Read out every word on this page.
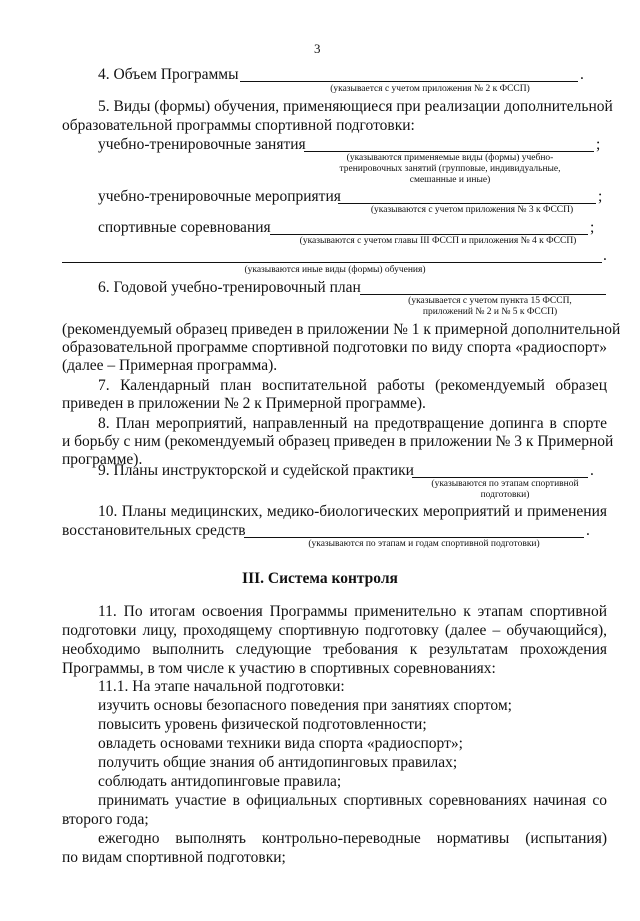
3
4. Объем Программы	.
(указывается с учетом приложения № 2 к ФССП)
5. Виды (формы) обучения, применяющиеся при реализации дополнительной
образовательной программы спортивной подготовки:
учебно-тренировочные занятия	;
(указываются применяемые виды (формы) учебно-
тренировочных занятий (групповые, индивидуальные,
смешанные и иные)
учебно-тренировочные мероприятия	;
(указываются с учетом приложения № 3 к ФССП)
спортивные соревнования	;
(указываются с учетом главы III ФССП и приложения № 4 к ФССП)
.
(указываются иные виды (формы) обучения)
6. Годовой учебно-тренировочный план
(указывается с учетом пункта 15 ФССП,
приложений № 2 и № 5 к ФССП)
(рекомендуемый образец приведен в приложении № 1 к примерной дополнительной
образовательной программе спортивной подготовки по виду спорта «радиоспорт»
(далее – Примерная программа).
7. Календарный план воспитательной работы (рекомендуемый образец
приведен в приложении № 2 к Примерной программе).
8. План мероприятий, направленный на предотвращение допинга в спорте
и борьбу с ним (рекомендуемый образец приведен в приложении № 3 к Примерной
программе).
9. Планы инструкторской и судейской практики	.
(указываются по этапам спортивной
подготовки)
10. Планы медицинских, медико-биологических мероприятий и применения
восстановительных средств	.
(указываются по этапам и годам спортивной подготовки)
III. Система контроля
11. По итогам освоения Программы применительно к этапам спортивной
подготовки лицу, проходящему спортивную подготовку (далее – обучающийся),
необходимо выполнить следующие требования к результатам прохождения
Программы, в том числе к участию в спортивных соревнованиях:
11.1. На этапе начальной подготовки:
изучить основы безопасного поведения при занятиях спортом;
повысить уровень физической подготовленности;
овладеть основами техники вида спорта «радиоспорт»;
получить общие знания об антидопинговых правилах;
соблюдать антидопинговые правила;
принимать участие в официальных спортивных соревнованиях начиная со
второго года;
ежегодно выполнять контрольно-переводные нормативы (испытания)
по видам спортивной подготовки;
